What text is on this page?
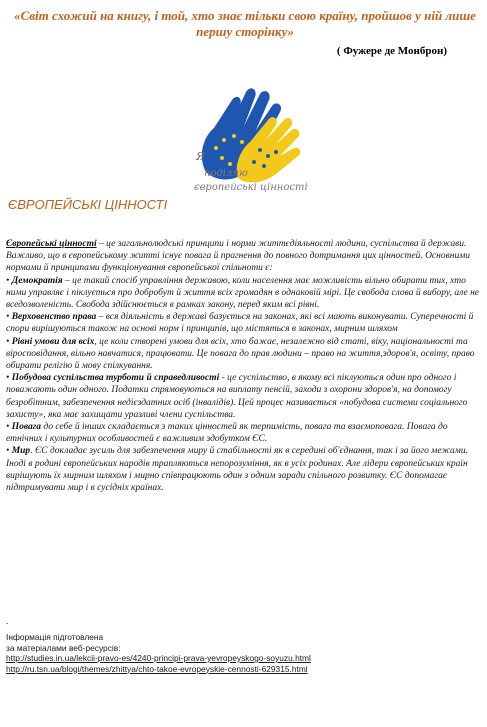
«Світ схожий на книгу, і той, хто знає тільки свою країну, пройшов у ній лише першу сторінку»
( Фужере де Монброн)
Я
поділяю
європейські цінності
ЄВРОПЕЙСЬКІ ЦІННОСТІ

Європейські цінності – це загальнолюдські принципи і норми життєдіяльності людини, суспільства й держави. Важливо, що в європейському житті існує повага й прагнення до повного дотримання цих цінностей. Основними нормами й принципами функціонування європейської спільноти є:

• Демократія – це такий спосіб управління державою, коли населення має можливість вільно обирати тих, хто ними управляє і піклується про добробут й життя всіх громадян в однаковій мірі. Це свобода слова й вибору, але не вседозволеність. Свобода здійснюється в рамках закону, перед яким всі рівні.

• Верховенство права – вся діяльність в державі базується на законах, які всі мають виконувати. Суперечності й спори вирішуються також на основі норм і принципів, що містяться в законах, мирним шляхом

• Рівні умови для всіх, це коли створені умови для всіх, хто бажає, незалежно від статі, віку, національності та віросповідання, вільно навчатися, працювати. Це повага до прав людини – право на життя,здоров'я, освіту, право обирати релігію й мову спілкування.

• Побудова суспільства турботи й справедливості - це суспільство, в якому всі піклуються один про одного і поважають один одного. Податки спрямовуються на виплату пенсій, заходи з охорони здоров'я, на допомогу безробітним, забезпечення недієздатних осіб (інвалідів). Цей процес називається «побудова системи соціального захисту», яка має захищати уразливі члени суспільства.

• Повага до себе й інших складається з таких цінностей як терпимість, повага та взаємоповага. Повага до етнічних і культурних особливостей є важливим здобутком ЄС.

• Мир. ЄС докладає зусиль для забезпечення миру й стабільності як в середині об'єднання, так і за його межами. Іноді в родині європейських народів трапляються непорозуміння, як в усіх родинах. Але лідери європейських країн вирішують їх мирним шляхом і мирно співпрацюють один з одним заради спільного розвитку. ЄС допомагає підтримувати мир і в сусідніх країнах.

.
Інформація підготовлена
за матеріалами веб-ресурсів:
http://studies.in.ua/lekcii-pravo-es/4240-principi-prava-yevropeyskogo-soyuzu.html
http://ru.tsn.ua/blogi/themes/zhittya/chto-takoe-evropeyskie-cennosti-629315.html
